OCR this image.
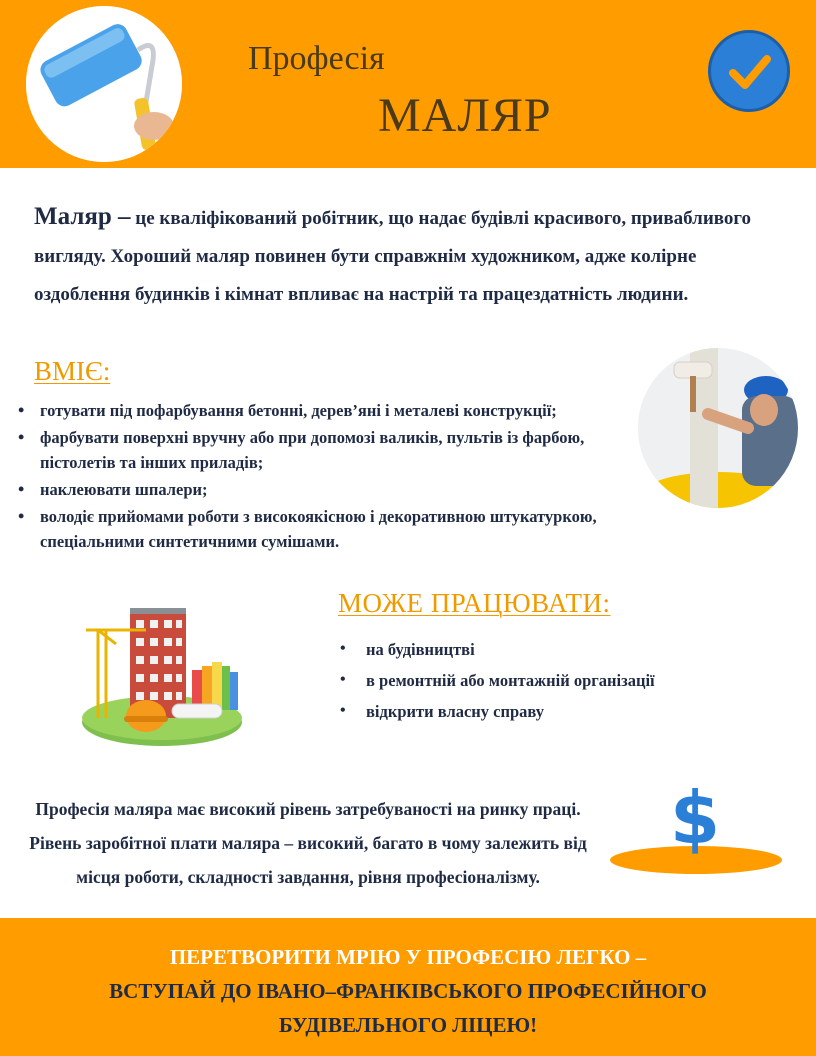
Професія
МАЛЯР
Маляр – це кваліфікований робітник, що надає будівлі красивого, привабливого вигляду. Хороший маляр повинен бути справжнім художником, адже колірне оздоблення будинків і кімнат впливає на настрій та працездатність людини.
ВМІЄ:
• готувати під пофарбування бетонні, дерев’яні і металеві конструкції;
• фарбувати поверхні вручну або при допомозі валиків, пультів із фарбою, пістолетів та інших приладів;
• наклеювати шпалери;
• володіє прийомами роботи з високоякісною і декоративною штукатуркою, спеціальними синтетичними сумішами.
МОЖЕ ПРАЦЮВАТИ:
• на будівництві
• в ремонтній або монтажній організації
• відкрити власну справу
Професія маляра має високий рівень затребуваності на ринку праці. Рівень заробітної плати маляра – високий, багато в чому залежить від місця роботи, складності завдання, рівня професіоналізму.
$
ПЕРЕТВОРИТИ МРІЮ У ПРОФЕСІЮ ЛЕГКО –
ВСТУПАЙ ДО ІВАНО–ФРАНКІВСЬКОГО ПРОФЕСІЙНОГО
БУДІВЕЛЬНОГО ЛІЦЕЮ!
